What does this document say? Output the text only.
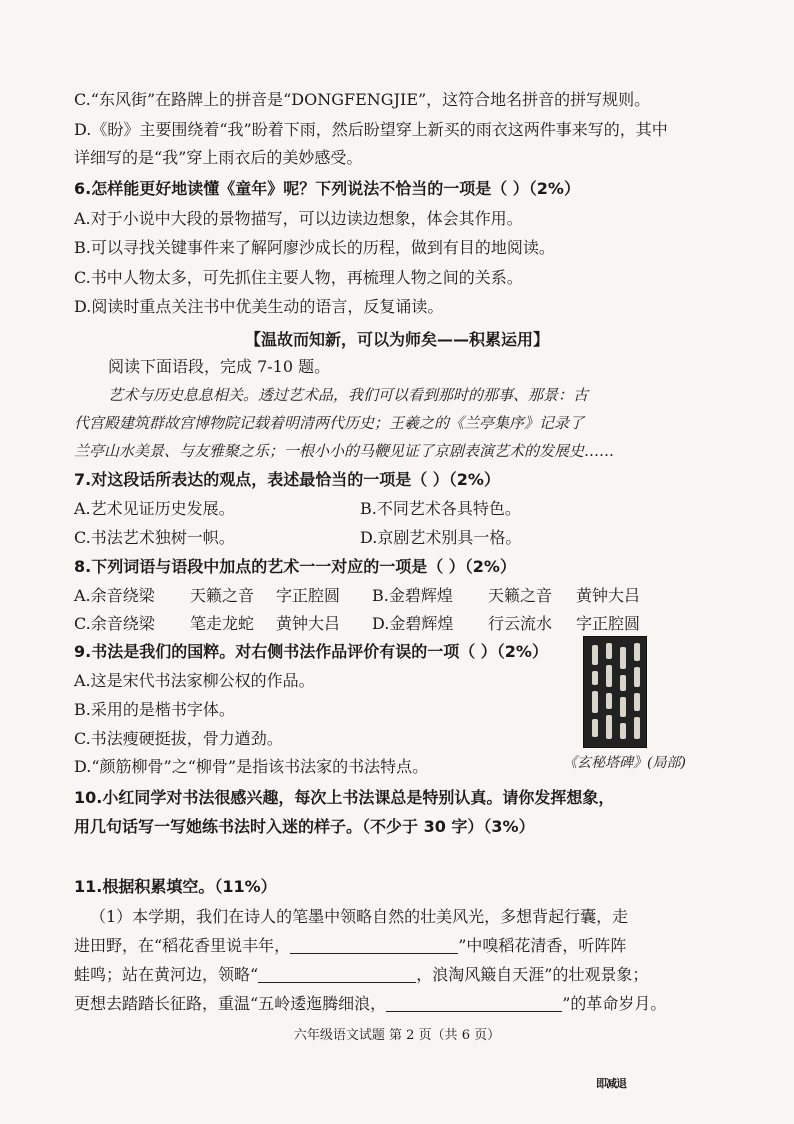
C.“东风街”在路牌上的拼音是“DONGFENGJIE”，这符合地名拼音的拼写规则。
D.《盼》主要围绕着“我”盼着下雨，然后盼望穿上新买的雨衣这两件事来写的，其中
详细写的是“我”穿上雨衣后的美妙感受。
6.怎样能更好地读懂《童年》呢？下列说法不恰当的一项是（ ）（2%）
A.对于小说中大段的景物描写，可以边读边想象，体会其作用。
B.可以寻找关键事件来了解阿廖沙成长的历程，做到有目的地阅读。
C.书中人物太多，可先抓住主要人物，再梳理人物之间的关系。
D.阅读时重点关注书中优美生动的语言，反复诵读。
【温故而知新，可以为师矣——积累运用】
阅读下面语段，完成 7-10 题。
艺术与历史息息相关。透过艺术品，我们可以看到那时的那事、那景：古
代宫殿建筑群故宫博物院记载着明清两代历史；王羲之的《兰亭集序》记录了
兰亭山水美景、与友雅聚之乐；一根小小的马鞭见证了京剧表演艺术的发展史……
7.对这段话所表达的观点，表述最恰当的一项是（ ）（2%）
A.艺术见证历史发展。	B.不同艺术各具特色。
C.书法艺术独树一帜。	D.京剧艺术别具一格。
8.下列词语与语段中加点的艺术一一对应的一项是（ ）（2%）
A.余音绕梁 天籁之音 字正腔圆 B.金碧辉煌 天籁之音 黄钟大吕
C.余音绕梁 笔走龙蛇 黄钟大吕 D.金碧辉煌 行云流水 字正腔圆
9.书法是我们的国粹。对右侧书法作品评价有误的一项（ ）（2%）
A.这是宋代书法家柳公权的作品。
B.采用的是楷书字体。
C.书法瘦硬挺拔，骨力遒劲。
D.“颜筋柳骨”之“柳骨”是指该书法家的书法特点。	《玄秘塔碑》(局部)
10.小红同学对书法很感兴趣，每次上书法课总是特别认真。请你发挥想象，
用几句话写一写她练书法时入迷的样子。（不少于 30 字）（3%）
11.根据积累填空。（11%）
（1）本学期，我们在诗人的笔墨中领略自然的壮美风光，多想背起行囊，走
进田野，在“稻花香里说丰年，	”中嗅稻花清香，听阵阵
蛙鸣；站在黄河边，领略“	，浪淘风簸自天涯”的壮观景象；
更想去踏踏长征路，重温“五岭逶迤腾细浪，	”的革命岁月。
六年级语文试题 第 2 页（共 6 页）
即减退
